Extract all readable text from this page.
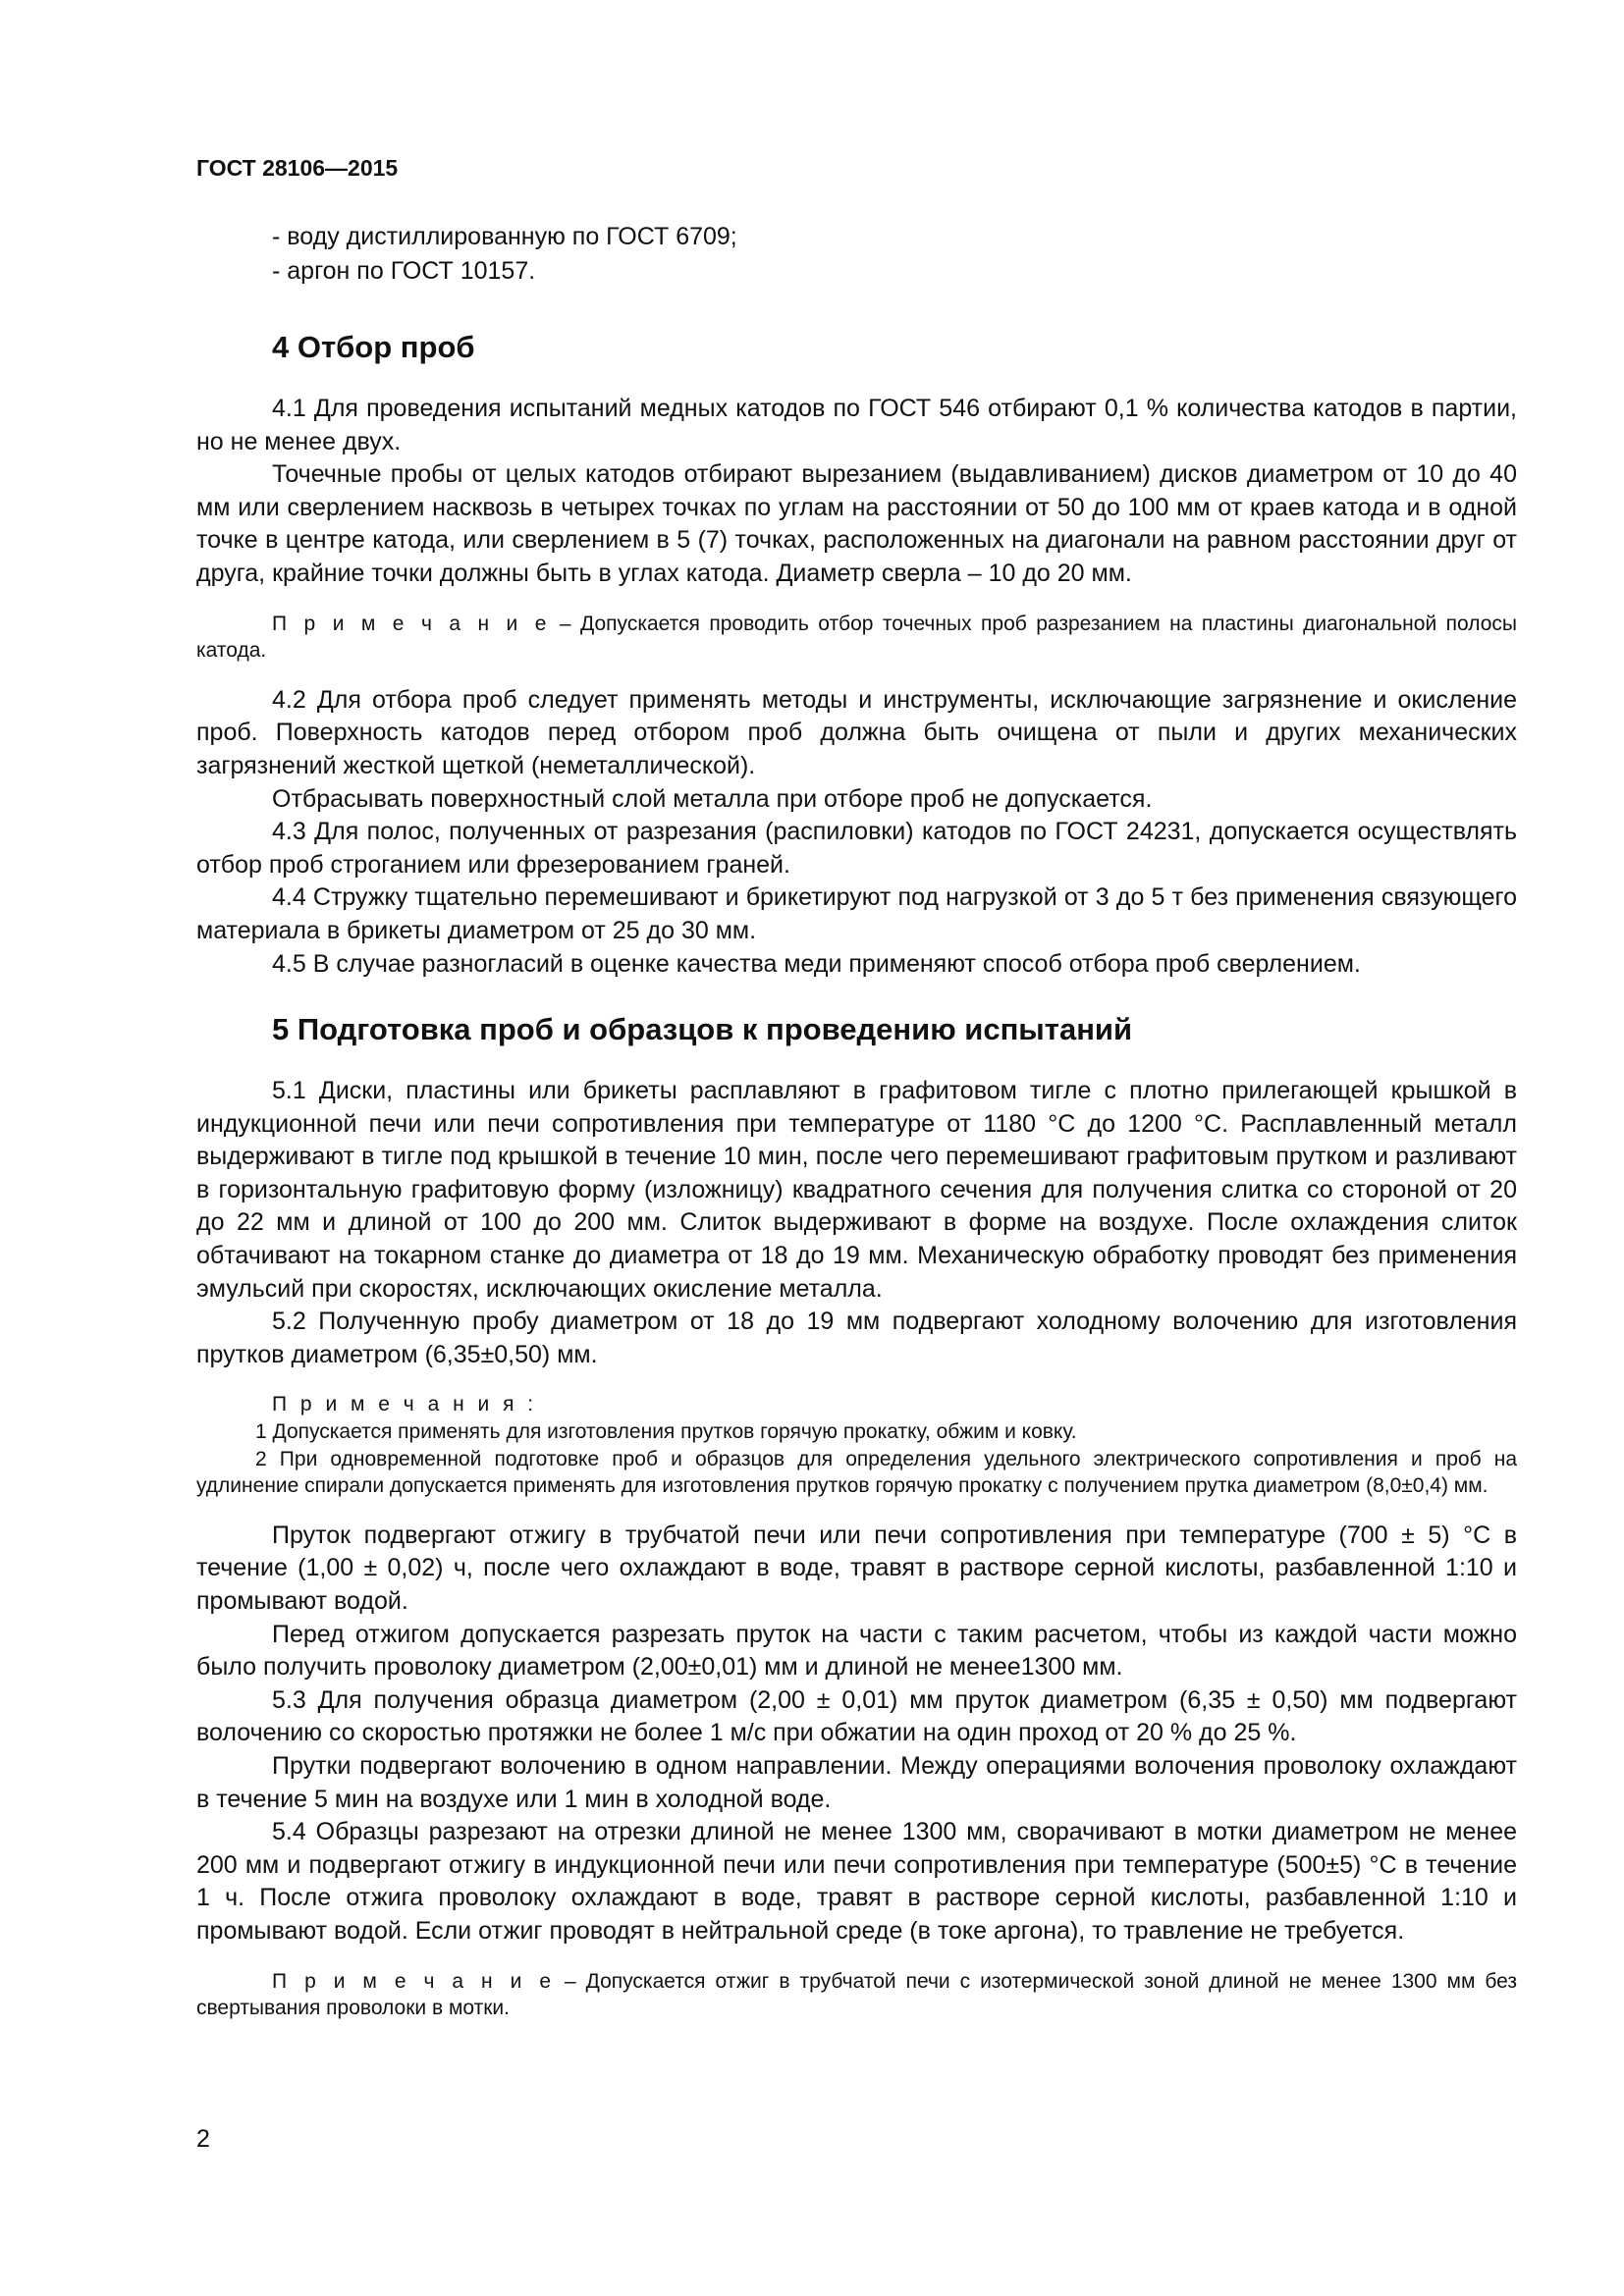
ГОСТ 28106—2015
- воду дистиллированную по ГОСТ 6709;
- аргон по ГОСТ 10157.
4 Отбор проб

4.1 Для проведения испытаний медных катодов по ГОСТ 546 отбирают 0,1 % количества катодов в партии, но не менее двух.

Точечные пробы от целых катодов отбирают вырезанием (выдавливанием) дисков диаметром от 10 до 40 мм или сверлением насквозь в четырех точках по углам на расстоянии от 50 до 100 мм от краев катода и в одной точке в центре катода, или сверлением в 5 (7) точках, расположенных на диагонали на равном расстоянии друг от друга, крайние точки должны быть в углах катода. Диаметр сверла – 10 до 20 мм.

П р и м е ч а н и е – Допускается проводить отбор точечных проб разрезанием на пластины диагональной полосы катода.

4.2 Для отбора проб следует применять методы и инструменты, исключающие загрязнение и окисление проб. Поверхность катодов перед отбором проб должна быть очищена от пыли и других механических загрязнений жесткой щеткой (неметаллической).

Отбрасывать поверхностный слой металла при отборе проб не допускается.

4.3 Для полос, полученных от разрезания (распиловки) катодов по ГОСТ 24231, допускается осуществлять отбор проб строганием или фрезерованием граней.

4.4 Стружку тщательно перемешивают и брикетируют под нагрузкой от 3 до 5 т без применения связующего материала в брикеты диаметром от 25 до 30 мм.

4.5 В случае разногласий в оценке качества меди применяют способ отбора проб сверлением.

5 Подготовка проб и образцов к проведению испытаний

5.1 Диски, пластины или брикеты расплавляют в графитовом тигле с плотно прилегающей крышкой в индукционной печи или печи сопротивления при температуре от 1180 °С до 1200 °С. Расплавленный металл выдерживают в тигле под крышкой в течение 10 мин, после чего перемешивают графитовым прутком и разливают в горизонтальную графитовую форму (изложницу) квадратного сечения для получения слитка со стороной от 20 до 22 мм и длиной от 100 до 200 мм. Слиток выдерживают в форме на воздухе. После охлаждения слиток обтачивают на токарном станке до диаметра от 18 до 19 мм. Механическую обработку проводят без применения эмульсий при скоростях, исключающих окисление металла.

5.2 Полученную пробу диаметром от 18 до 19 мм подвергают холодному волочению для изготовления прутков диаметром (6,35±0,50) мм.

П р и м е ч а н и я :

1 Допускается применять для изготовления прутков горячую прокатку, обжим и ковку.

2 При одновременной подготовке проб и образцов для определения удельного электрического сопротивления и проб на удлинение спирали допускается применять для изготовления прутков горячую прокатку с получением прутка диаметром (8,0±0,4) мм.

Пруток подвергают отжигу в трубчатой печи или печи сопротивления при температуре (700 ± 5) °С в течение (1,00 ± 0,02) ч, после чего охлаждают в воде, травят в растворе серной кислоты, разбавленной 1:10 и промывают водой.

Перед отжигом допускается разрезать пруток на части с таким расчетом, чтобы из каждой части можно было получить проволоку диаметром (2,00±0,01) мм и длиной не менее1300 мм.

5.3 Для получения образца диаметром (2,00 ± 0,01) мм пруток диаметром (6,35 ± 0,50) мм подвергают волочению со скоростью протяжки не более 1 м/с при обжатии на один проход от 20 % до 25 %.

Прутки подвергают волочению в одном направлении. Между операциями волочения проволоку охлаждают в течение 5 мин на воздухе или 1 мин в холодной воде.

5.4 Образцы разрезают на отрезки длиной не менее 1300 мм, сворачивают в мотки диаметром не менее 200 мм и подвергают отжигу в индукционной печи или печи сопротивления при температуре (500±5) °С в течение 1 ч. После отжига проволоку охлаждают в воде, травят в растворе серной кислоты, разбавленной 1:10 и промывают водой. Если отжиг проводят в нейтральной среде (в токе аргона), то травление не требуется.

П р и м е ч а н и е – Допускается отжиг в трубчатой печи с изотермической зоной длиной не менее 1300 мм без свертывания проволоки в мотки.

2
